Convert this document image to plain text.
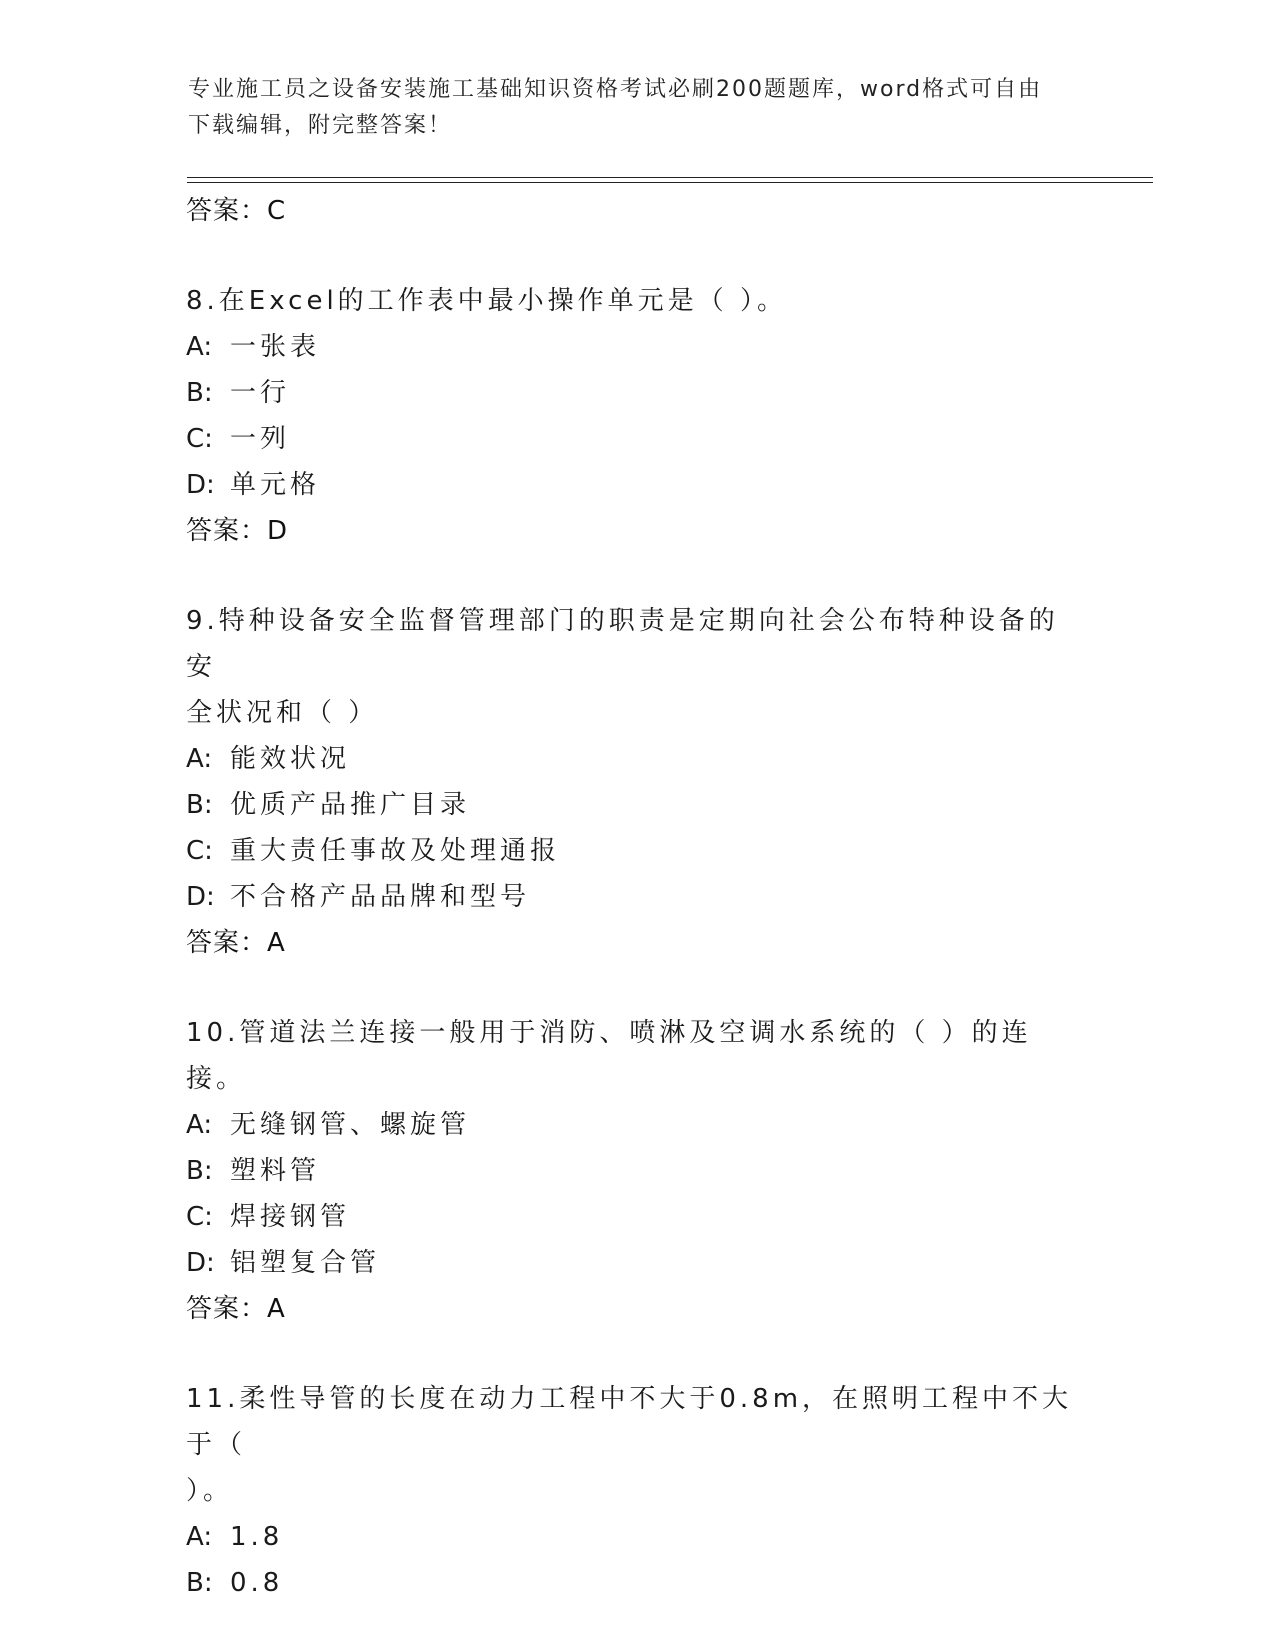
专业施工员之设备安装施工基础知识资格考试必刷200题题库，word格式可自由
下载编辑，附完整答案！
答案：C
8.在Excel的工作表中最小操作单元是（ ）。
A: 一张表
B: 一行
C: 一列
D: 单元格
答案：D
9.特种设备安全监督管理部门的职责是定期向社会公布特种设备的安
全状况和（ ）
A: 能效状况
B: 优质产品推广目录
C: 重大责任事故及处理通报
D: 不合格产品品牌和型号
答案：A
10.管道法兰连接一般用于消防、喷淋及空调水系统的（ ）的连接。
A: 无缝钢管、螺旋管
B: 塑料管
C: 焊接钢管
D: 铝塑复合管
答案：A
11.柔性导管的长度在动力工程中不大于0.8m，在照明工程中不大于（
）。
A: 1.8
B: 0.8
